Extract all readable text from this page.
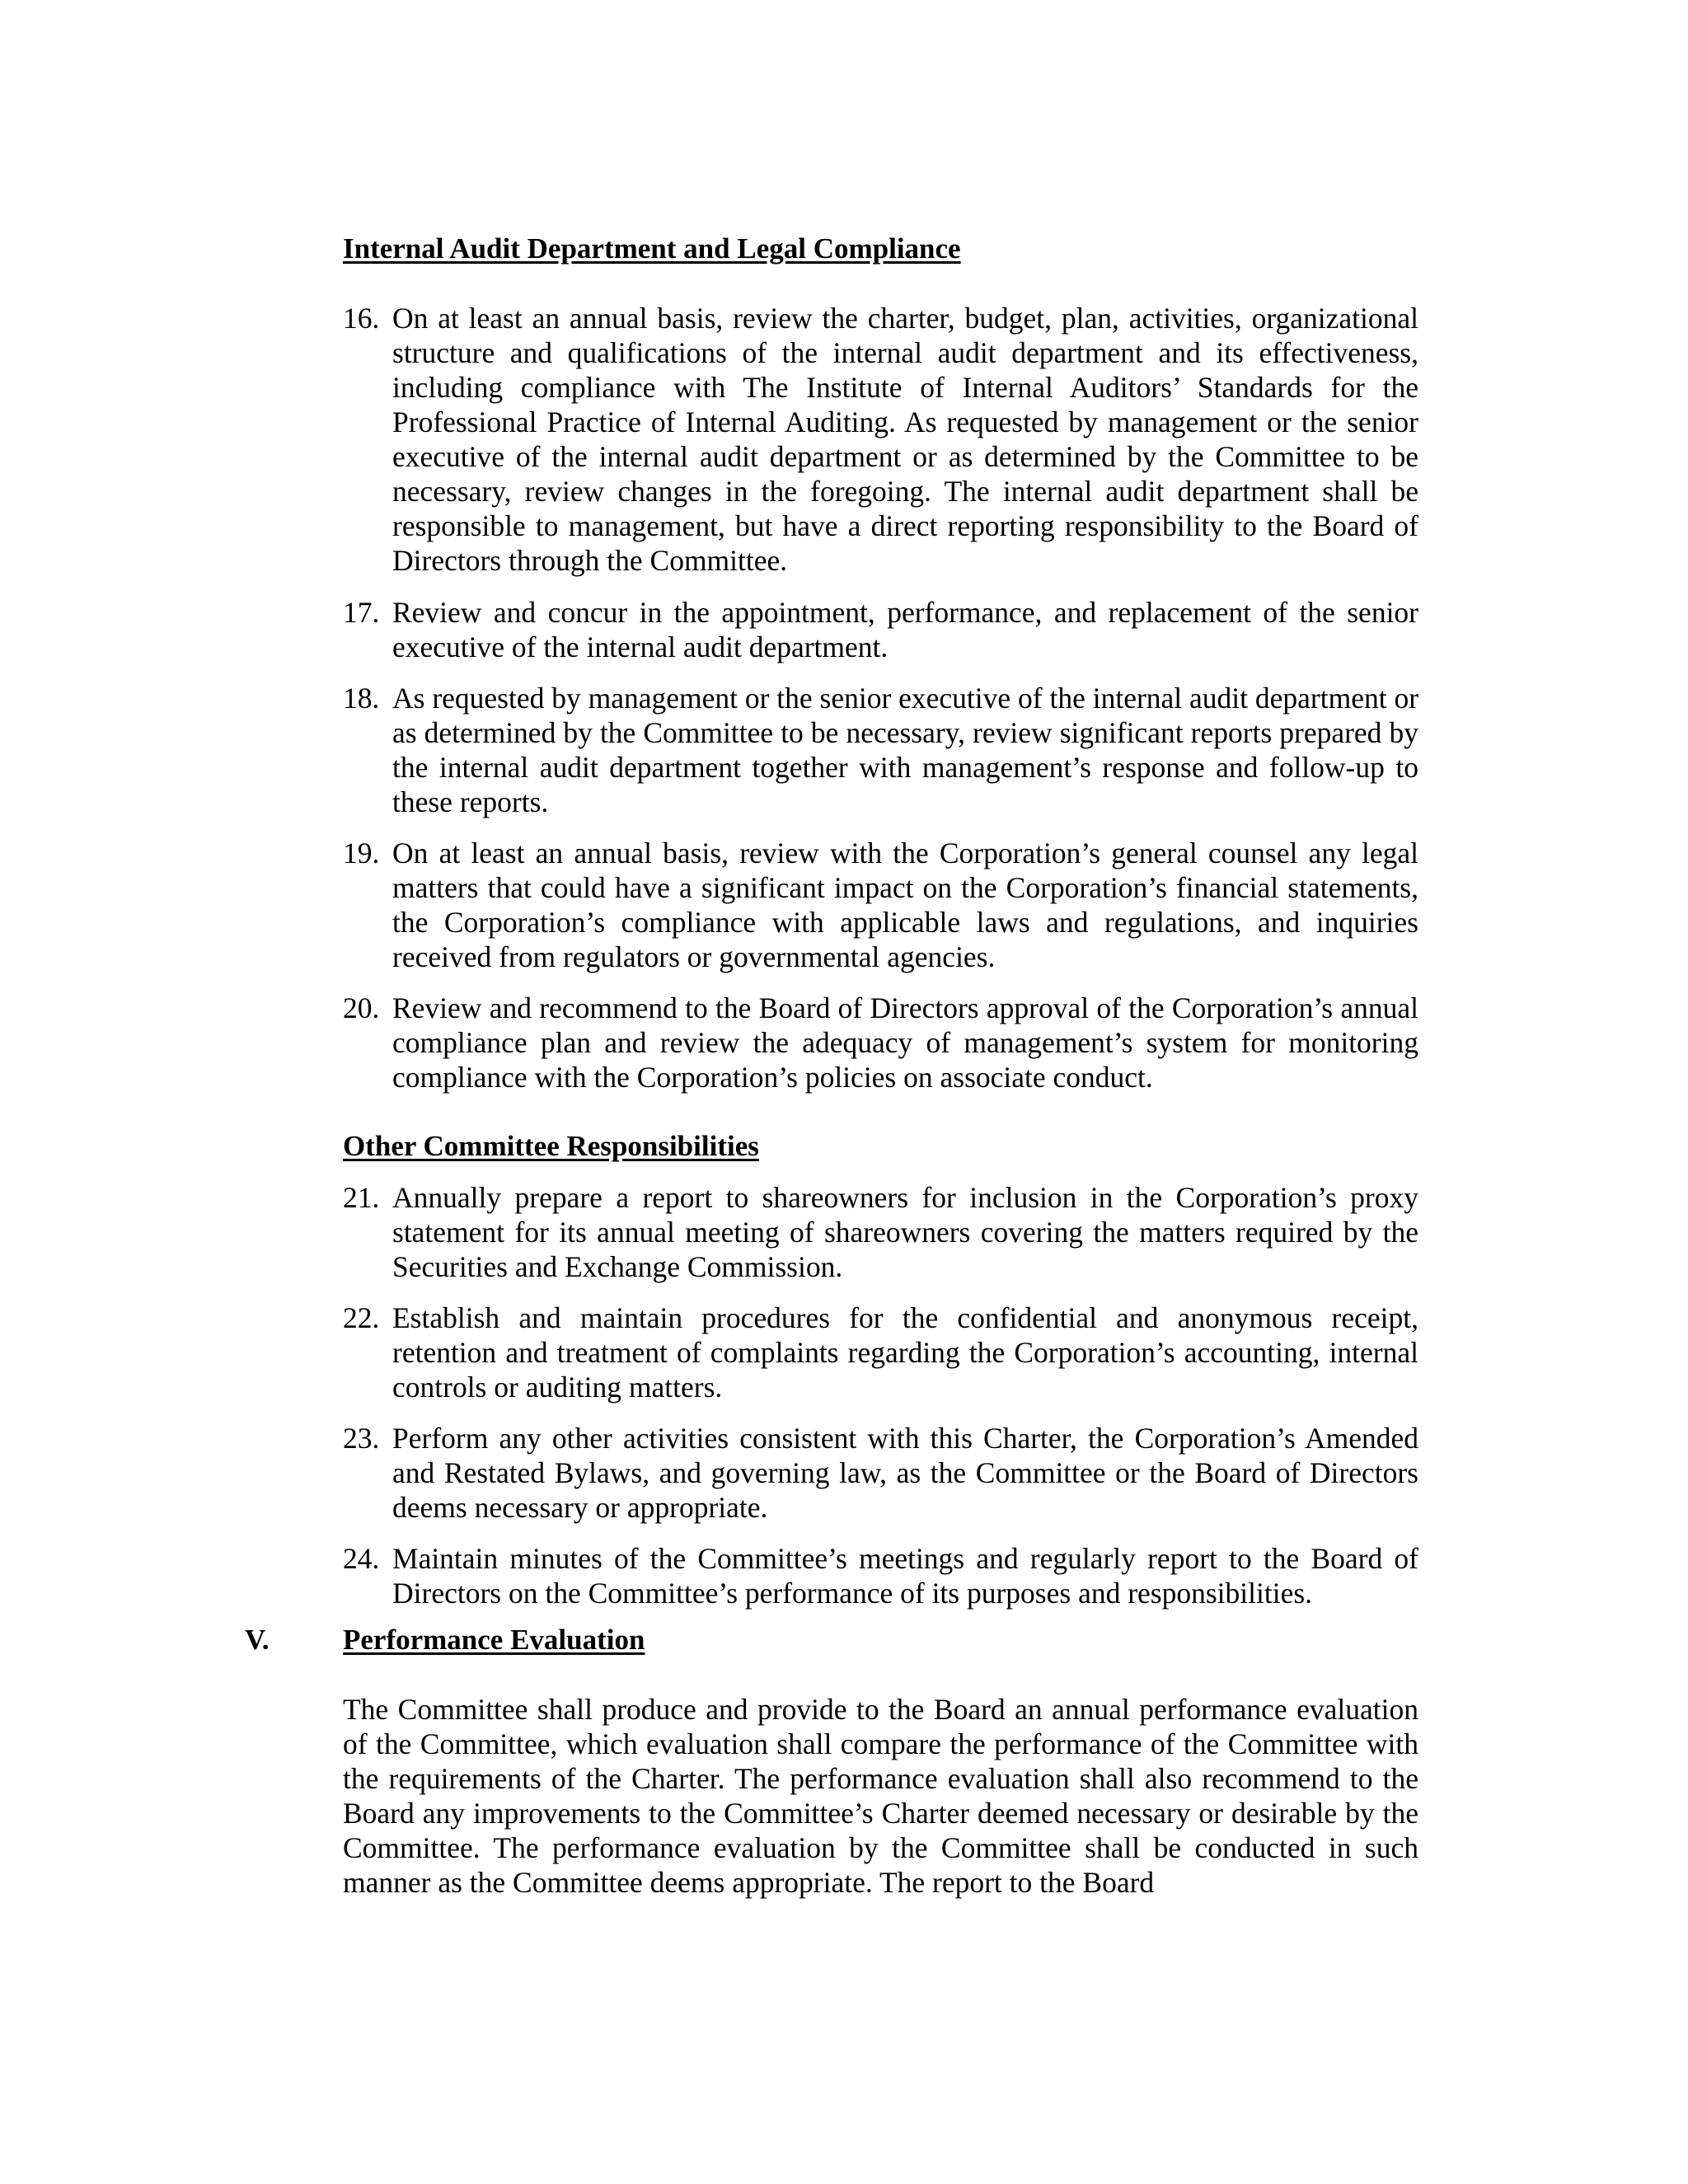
Internal Audit Department and Legal Compliance
16. On at least an annual basis, review the charter, budget, plan, activities, organizational structure and qualifications of the internal audit department and its effectiveness, including compliance with The Institute of Internal Auditors’ Standards for the Professional Practice of Internal Auditing. As requested by management or the senior executive of the internal audit department or as determined by the Committee to be necessary, review changes in the foregoing. The internal audit department shall be responsible to management, but have a direct reporting responsibility to the Board of Directors through the Committee.
17. Review and concur in the appointment, performance, and replacement of the senior executive of the internal audit department.
18. As requested by management or the senior executive of the internal audit department or as determined by the Committee to be necessary, review significant reports prepared by the internal audit department together with management’s response and follow-up to these reports.
19. On at least an annual basis, review with the Corporation’s general counsel any legal matters that could have a significant impact on the Corporation’s financial statements, the Corporation’s compliance with applicable laws and regulations, and inquiries received from regulators or governmental agencies.
20. Review and recommend to the Board of Directors approval of the Corporation’s annual compliance plan and review the adequacy of management’s system for monitoring compliance with the Corporation’s policies on associate conduct.
Other Committee Responsibilities
21. Annually prepare a report to shareowners for inclusion in the Corporation’s proxy statement for its annual meeting of shareowners covering the matters required by the Securities and Exchange Commission.
22. Establish and maintain procedures for the confidential and anonymous receipt, retention and treatment of complaints regarding the Corporation’s accounting, internal controls or auditing matters.
23. Perform any other activities consistent with this Charter, the Corporation’s Amended and Restated Bylaws, and governing law, as the Committee or the Board of Directors deems necessary or appropriate.
24. Maintain minutes of the Committee’s meetings and regularly report to the Board of Directors on the Committee’s performance of its purposes and responsibilities.
V.	Performance Evaluation
The Committee shall produce and provide to the Board an annual performance evaluation of the Committee, which evaluation shall compare the performance of the Committee with the requirements of the Charter. The performance evaluation shall also recommend to the Board any improvements to the Committee’s Charter deemed necessary or desirable by the Committee. The performance evaluation by the Committee shall be conducted in such manner as the Committee deems appropriate. The report to the Board
